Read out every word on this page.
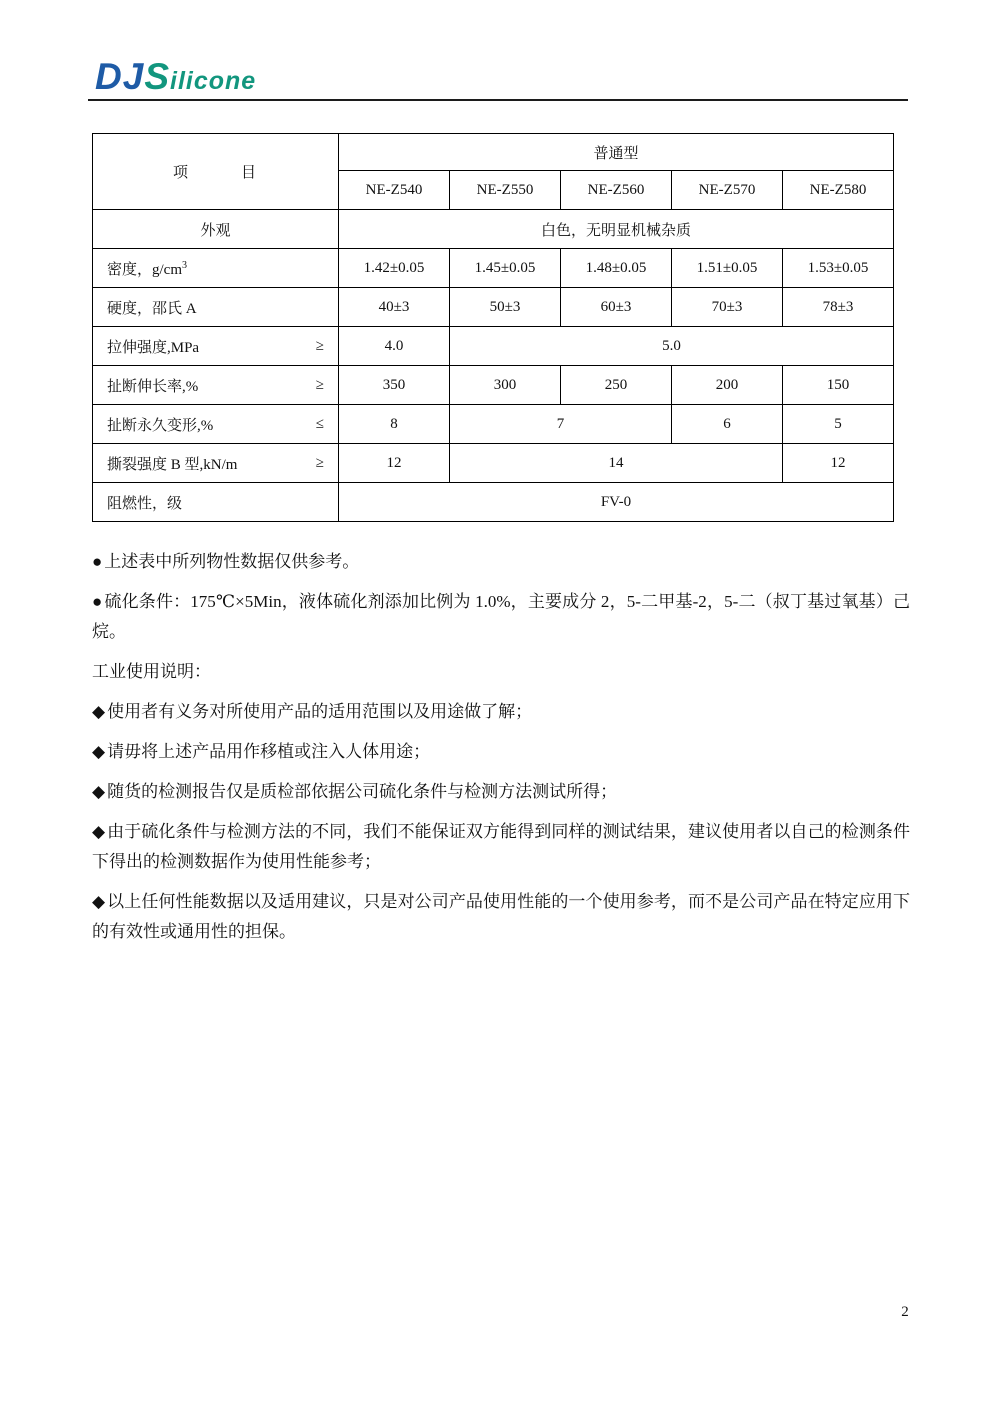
DJSilicone
项　　　目	普通型				
	NE-Z540	NE-Z550	NE-Z560	NE-Z570	NE-Z580
外观	白色，无明显机械杂质				

密度，$g/cm^3$	1.42±0.05	1.45±0.05	1.48±0.05	1.51±0.05	1.53±0.05

硬度，邵氏 A	40±3	50±3	60±3	70±3	78±3

拉伸强度,MPa ≥	4.0	5.0			

扯断伸长率,% ≥	350	300	250	200	150

扯断永久变形,% ≤	8	7		6	5

撕裂强度 B 型,kN/m ≥	12	14			12

阻燃性，级	FV-0				

● 上述表中所列物性数据仅供参考。

● 硫化条件：175℃×5Min，液体硫化剂添加比例为 1.0%，主要成分 2，5-二甲基-2，5-二（叔丁基过氧基）己烷。

工业使用说明：

◆ 使用者有义务对所使用产品的适用范围以及用途做了解；

◆ 请毋将上述产品用作移植或注入人体用途；

◆ 随货的检测报告仅是质检部依据公司硫化条件与检测方法测试所得；

◆ 由于硫化条件与检测方法的不同，我们不能保证双方能得到同样的测试结果，建议使用者以自己的检测条件下得出的检测数据作为使用性能参考；

◆ 以上任何性能数据以及适用建议，只是对公司产品使用性能的一个使用参考，而不是公司产品在特定应用下的有效性或通用性的担保。

2
